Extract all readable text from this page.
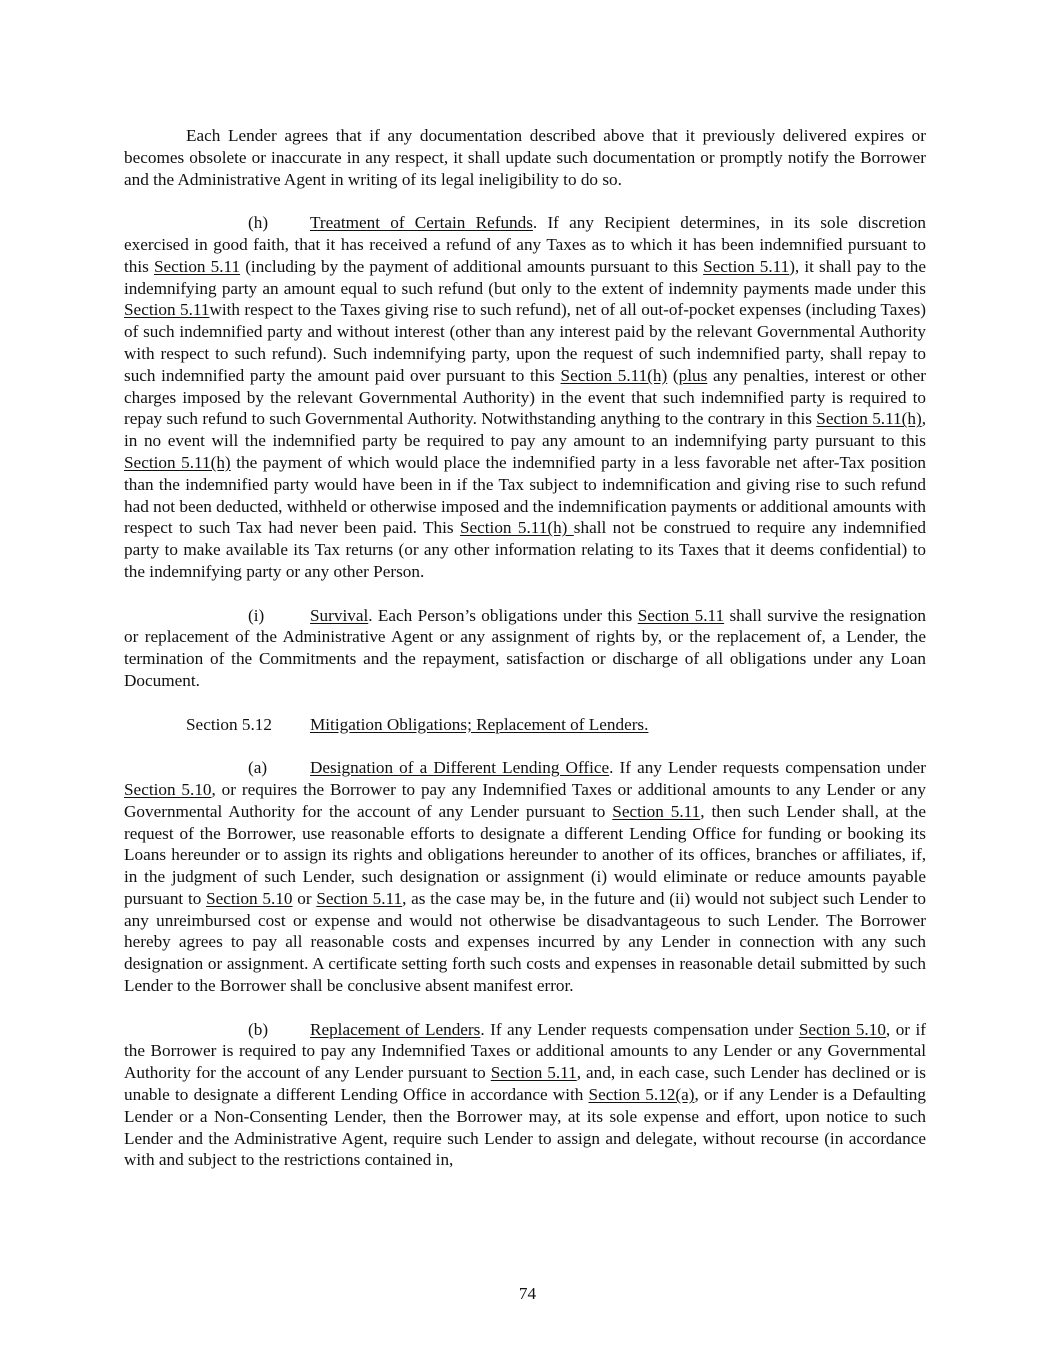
Each Lender agrees that if any documentation described above that it previously delivered expires or becomes obsolete or inaccurate in any respect, it shall update such documentation or promptly notify the Borrower and the Administrative Agent in writing of its legal ineligibility to do so.

(h) Treatment of Certain Refunds. If any Recipient determines, in its sole discretion exercised in good faith, that it has received a refund of any Taxes as to which it has been indemnified pursuant to this Section 5.11 (including by the payment of additional amounts pursuant to this Section 5.11), it shall pay to the indemnifying party an amount equal to such refund (but only to the extent of indemnity payments made under this Section 5.11with respect to the Taxes giving rise to such refund), net of all out-of-pocket expenses (including Taxes) of such indemnified party and without interest (other than any interest paid by the relevant Governmental Authority with respect to such refund). Such indemnifying party, upon the request of such indemnified party, shall repay to such indemnified party the amount paid over pursuant to this Section 5.11(h) (plus any penalties, interest or other charges imposed by the relevant Governmental Authority) in the event that such indemnified party is required to repay such refund to such Governmental Authority. Notwithstanding anything to the contrary in this Section 5.11(h), in no event will the indemnified party be required to pay any amount to an indemnifying party pursuant to this Section 5.11(h) the payment of which would place the indemnified party in a less favorable net after-Tax position than the indemnified party would have been in if the Tax subject to indemnification and giving rise to such refund had not been deducted, withheld or otherwise imposed and the indemnification payments or additional amounts with respect to such Tax had never been paid. This Section 5.11(h) shall not be construed to require any indemnified party to make available its Tax returns (or any other information relating to its Taxes that it deems confidential) to the indemnifying party or any other Person.

(i)	Survival. Each Person’s obligations under this Section 5.11 shall survive the resignation or replacement of the Administrative Agent or any assignment of rights by, or the replacement of, a Lender, the termination of the Commitments and the repayment, satisfaction or discharge of all obligations under any Loan Document.

Section 5.12 Mitigation Obligations; Replacement of Lenders.

(a) Designation of a Different Lending Office. If any Lender requests compensation under Section 5.10, or requires the Borrower to pay any Indemnified Taxes or additional amounts to any Lender or any Governmental Authority for the account of any Lender pursuant to Section 5.11, then such Lender shall, at the request of the Borrower, use reasonable efforts to designate a different Lending Office for funding or booking its Loans hereunder or to assign its rights and obligations hereunder to another of its offices, branches or affiliates, if, in the judgment of such Lender, such designation or assignment (i) would eliminate or reduce amounts payable pursuant to Section 5.10 or Section 5.11, as the case may be, in the future and (ii) would not subject such Lender to any unreimbursed cost or expense and would not otherwise be disadvantageous to such Lender. The Borrower hereby agrees to pay all reasonable costs and expenses incurred by any Lender in connection with any such designation or assignment. A certificate setting forth such costs and expenses in reasonable detail submitted by such Lender to the Borrower shall be conclusive absent manifest error.

(b) Replacement of Lenders. If any Lender requests compensation under Section 5.10, or if the Borrower is required to pay any Indemnified Taxes or additional amounts to any Lender or any Governmental Authority for the account of any Lender pursuant to Section 5.11, and, in each case, such Lender has declined or is unable to designate a different Lending Office in accordance with Section 5.12(a), or if any Lender is a Defaulting Lender or a Non-Consenting Lender, then the Borrower may, at its sole expense and effort, upon notice to such Lender and the Administrative Agent, require such Lender to assign and delegate, without recourse (in accordance with and subject to the restrictions contained in,

74
